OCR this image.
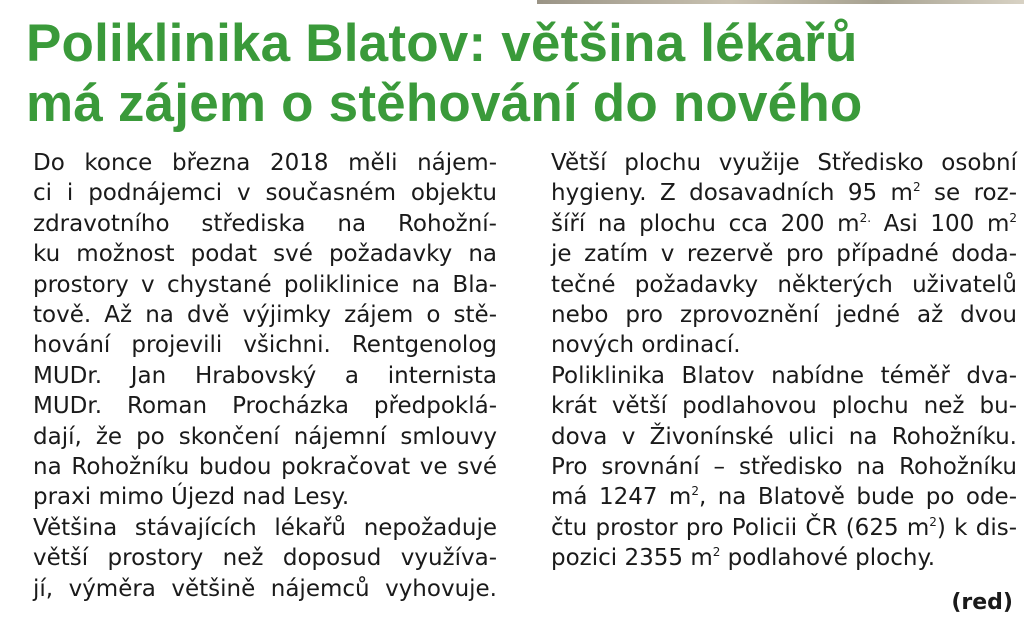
Poliklinika Blatov: většina lékařů
má zájem o stěhování do nového

Do konce března 2018 měli nájem-
ci i podnájemci v současném objektu
zdravotního střediska na Rohožní-
ku možnost podat své požadavky na
prostory v chystané poliklinice na Bla-
tově. Až na dvě výjimky zájem o stě-
hování projevili všichni. Rentgenolog
MUDr. Jan Hrabovský a internista
MUDr. Roman Procházka předpoklá-
dají, že po skončení nájemní smlouvy
na Rohožníku budou pokračovat ve své
praxi mimo Újezd nad Lesy.

Většina stávajících lékařů nepožaduje
větší prostory než doposud využíva-
jí, výměra většině nájemců vyhovuje.

Větší plochu využije Středisko osobní
hygieny. Z dosavadních 95 $m^2$ se roz-
šíří na plochu cca 200 $m^{2.}$ Asi 100 $m^2$
je zatím v rezervě pro případné doda-
tečné požadavky některých uživatelů
nebo pro zprovoznění jedné až dvou
nových ordinací.

Poliklinika Blatov nabídne téměř dva-
krát větší podlahovou plochu než bu-
dova v Živonínské ulici na Rohožníku.
Pro srovnání – středisko na Rohožníku
má 1247 $m^2$, na Blatově bude po ode-
čtu prostor pro Policii ČR (625 $m^2$) k dis-
pozici 2355 $m^2$ podlahové plochy.

(red)
